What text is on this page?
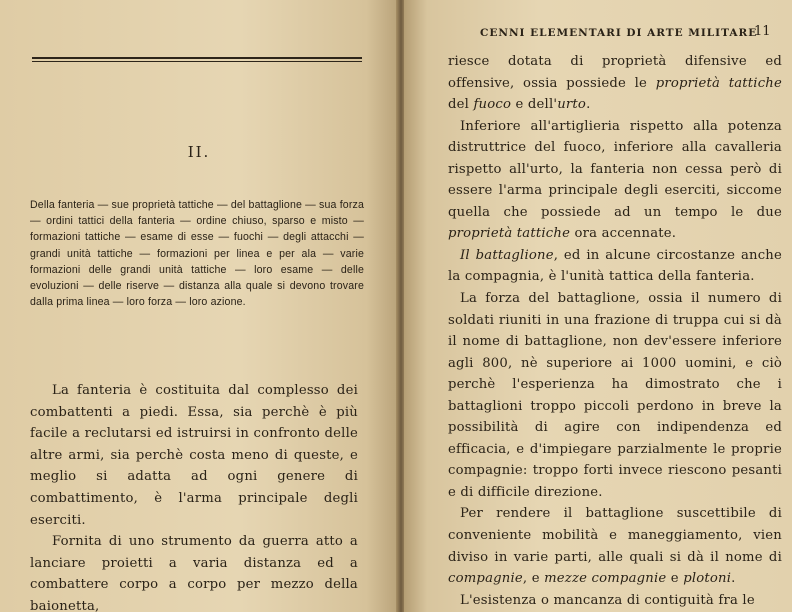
II.
Della fanteria — sue proprietà tattiche — del battaglione — sua forza — ordini tattici della fanteria — ordine chiuso, sparso e misto — formazioni tattiche — esame di esse — fuochi — degli attacchi — grandi unità tattiche — formazioni per linea e per ala — varie formazioni delle grandi unità tattiche — loro esame — delle evoluzioni — delle riserve — distanza alla quale si devono trovare dalla prima linea — loro forza — loro azione.

La fanteria è costituita dal complesso dei combattenti a piedi. Essa, sia perchè è più facile a reclutarsi ed istruirsi in confronto delle altre armi, sia perchè costa meno di queste, e meglio si adatta ad ogni genere di combattimento, è l'arma principale degli eserciti.

Fornita di uno strumento da guerra atto a lanciare proietti a varia distanza ed a combattere corpo a corpo per mezzo della baionetta,

CENNI ELEMENTARI DI ARTE MILITARE
11

riesce dotata di proprietà difensive ed offensive, ossia possiede le proprietà tattiche del fuoco e dell'urto.

Inferiore all'artiglieria rispetto alla potenza distruttrice del fuoco, inferiore alla cavalleria rispetto all'urto, la fanteria non cessa però di essere l'arma principale degli eserciti, siccome quella che possiede ad un tempo le due proprietà tattiche ora accennate.

Il battaglione, ed in alcune circostanze anche la compagnia, è l'unità tattica della fanteria.

La forza del battaglione, ossia il numero di soldati riuniti in una frazione di truppa cui si dà il nome di battaglione, non dev'essere inferiore agli 800, nè superiore ai 1000 uomini, e ciò perchè l'esperienza ha dimostrato che i battaglioni troppo piccoli perdono in breve la possibilità di agire con indipendenza ed efficacia, e d'impiegare parzialmente le proprie compagnie: troppo forti invece riescono pesanti e di difficile direzione.

Per rendere il battaglione suscettibile di conveniente mobilità e maneggiamento, vien diviso in varie parti, alle quali si dà il nome di compagnie, e mezze compagnie e plotoni.

L'esistenza o mancanza di contiguità fra le
